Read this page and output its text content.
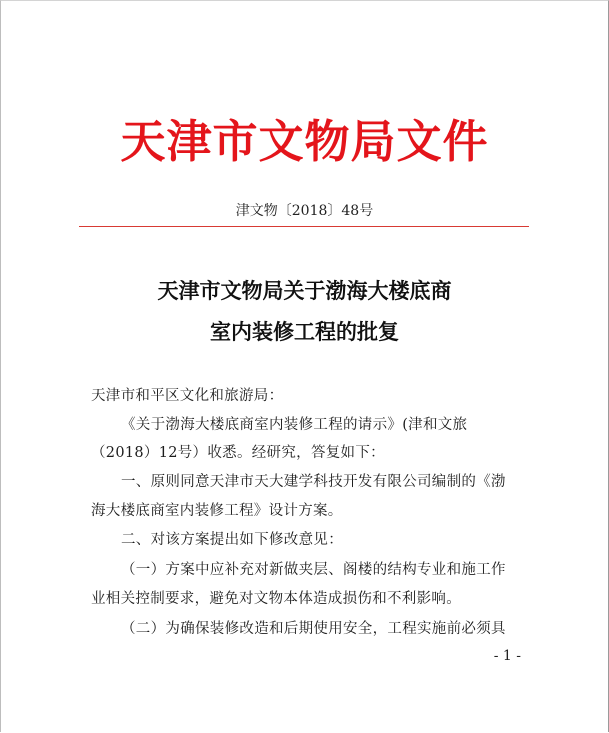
天津市文物局文件
津文物〔2018〕48号
天津市文物局关于渤海大楼底商
室内装修工程的批复
天津市和平区文化和旅游局：
《关于渤海大楼底商室内装修工程的请示》(津和文旅
（2018）12号）收悉。经研究，答复如下：
一、原则同意天津市天大建学科技开发有限公司编制的《渤
海大楼底商室内装修工程》设计方案。
二、对该方案提出如下修改意见：
（一）方案中应补充对新做夹层、阁楼的结构专业和施工作
业相关控制要求，避免对文物本体造成损伤和不利影响。
（二）为确保装修改造和后期使用安全，工程实施前必须具
- 1 -
